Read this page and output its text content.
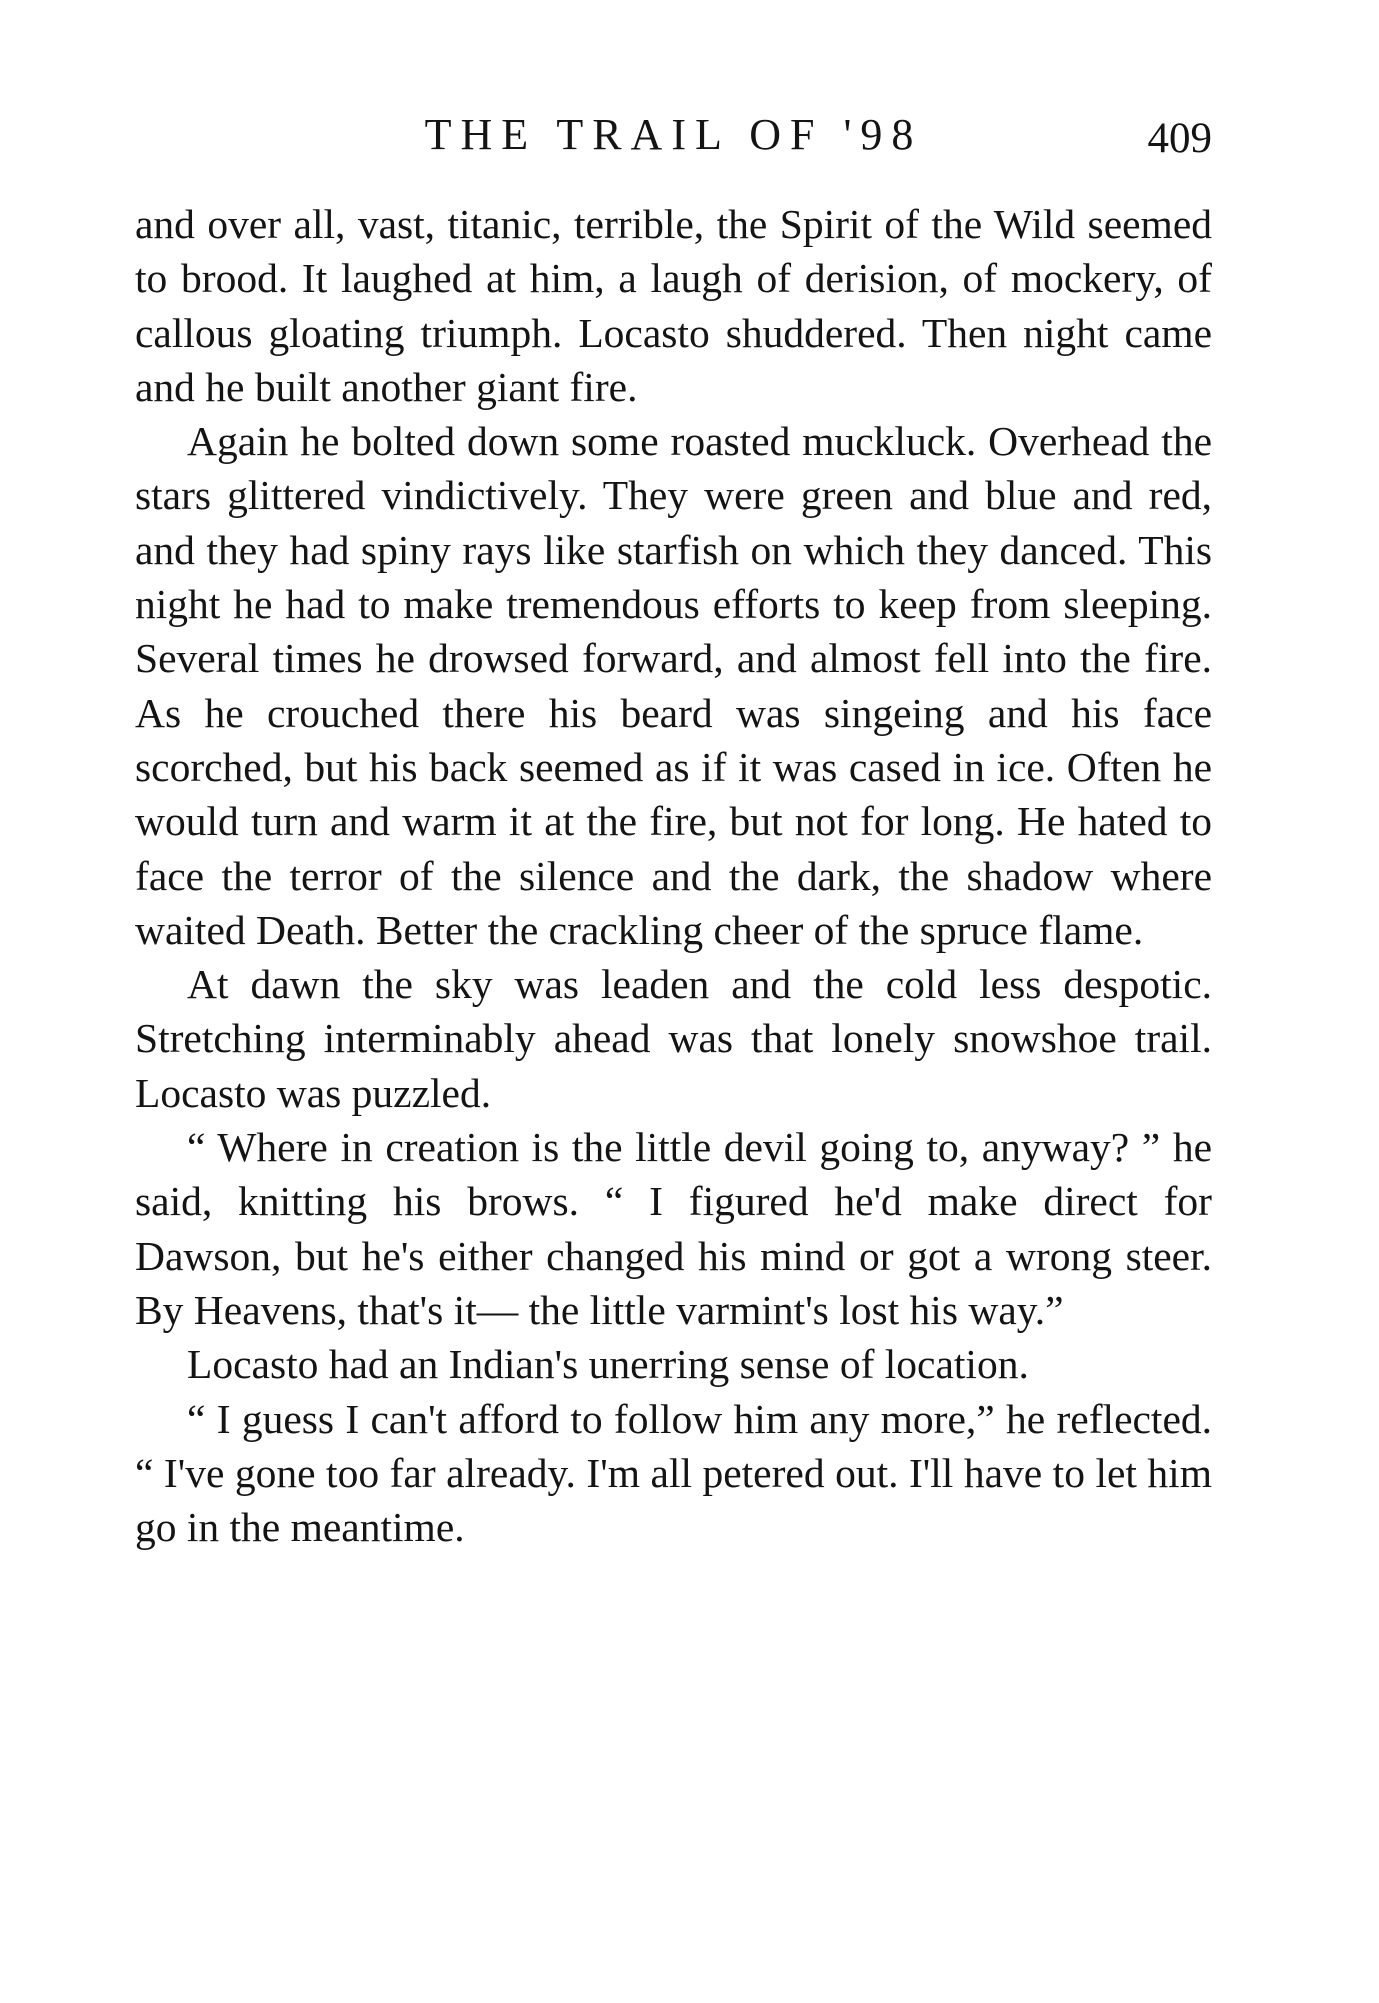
THE TRAIL OF '98	409

and over all, vast, titanic, terrible, the Spirit of the Wild seemed to brood. It laughed at him, a laugh of derision, of mockery, of callous gloating triumph. Locasto shuddered. Then night came and he built another giant fire.

Again he bolted down some roasted muckluck. Overhead the stars glittered vindictively. They were green and blue and red, and they had spiny rays like starfish on which they danced. This night he had to make tremendous efforts to keep from sleeping. Several times he drowsed forward, and almost fell into the fire. As he crouched there his beard was singeing and his face scorched, but his back seemed as if it was cased in ice. Often he would turn and warm it at the fire, but not for long. He hated to face the terror of the silence and the dark, the shadow where waited Death. Better the crackling cheer of the spruce flame.

At dawn the sky was leaden and the cold less despotic. Stretching interminably ahead was that lonely snowshoe trail. Locasto was puzzled.

“ Where in creation is the little devil going to, anyway? ” he said, knitting his brows. “ I figured he'd make direct for Dawson, but he's either changed his mind or got a wrong steer. By Heavens, that's it— the little varmint's lost his way.”

Locasto had an Indian's unerring sense of location.

“ I guess I can't afford to follow him any more,” he reflected. “ I've gone too far already. I'm all petered out. I'll have to let him go in the meantime.
